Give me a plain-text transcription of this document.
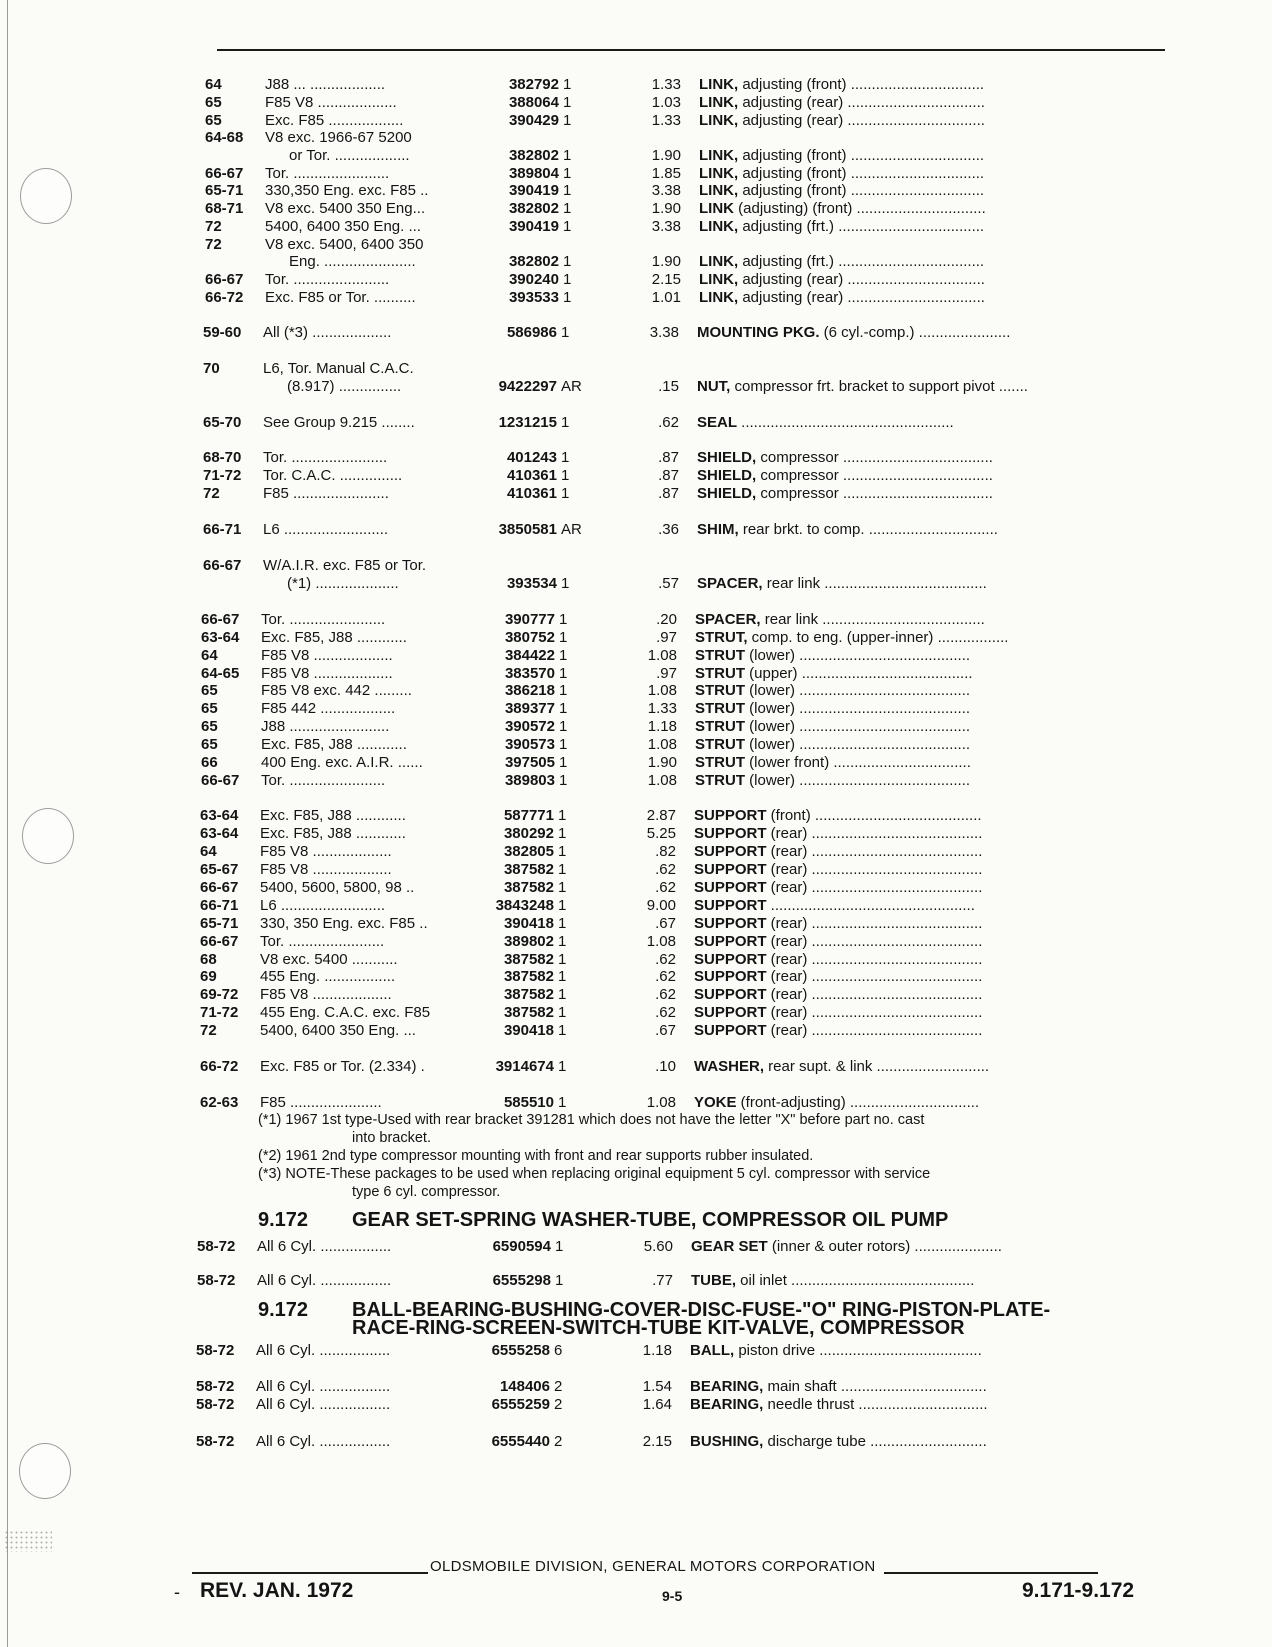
64	J88 ... ..................	382792 1	1.33 LINK, adjusting (front) ................................
65	F85 V8 ...................	388064 1	1.03 LINK, adjusting (rear) .................................
65	Exc. F85 ..................	390429 1	1.33 LINK, adjusting (rear) .................................
64-68	V8 exc. 1966-67 5200
or Tor. ..................	382802 1	1.90 LINK, adjusting (front) ................................
66-67	Tor. .......................	389804 1	1.85 LINK, adjusting (front) ................................
65-71	330,350 Eng. exc. F85 ..	390419 1	3.38 LINK, adjusting (front) ................................
68-71	V8 exc. 5400 350 Eng...	382802 1	1.90 LINK (adjusting) (front) ...............................
72	5400, 6400 350 Eng. ...	390419 1	3.38 LINK, adjusting (frt.) ...................................
72	V8 exc. 5400, 6400 350
Eng. ......................	382802 1	1.90 LINK, adjusting (frt.) ...................................
66-67	Tor. .......................	390240 1	2.15 LINK, adjusting (rear) .................................
66-72	Exc. F85 or Tor. ..........	393533 1	1.01 LINK, adjusting (rear) .................................
59-60	All (*3) ...................	586986 1	3.38 MOUNTING PKG. (6 cyl.-comp.) ......................
70	L6, Tor. Manual C.A.C.
(8.917) ...............	9422297 AR	.15 NUT, compressor frt. bracket to support pivot .......
65-70	See Group 9.215 ........	1231215 1	.62 SEAL ...................................................
68-70	Tor. .......................	401243 1	.87 SHIELD, compressor ....................................
71-72	Tor. C.A.C. ...............	410361 1	.87 SHIELD, compressor ....................................
72	F85 .......................	410361 1	.87 SHIELD, compressor ....................................
66-71	L6 .........................	3850581 AR	.36 SHIM, rear brkt. to comp. ...............................
66-67	W/A.I.R. exc. F85 or Tor.
(*1) ....................	393534 1	.57 SPACER, rear link .......................................
66-67	Tor. .......................	390777 1	.20 SPACER, rear link .......................................
63-64	Exc. F85, J88 ............	380752 1	.97 STRUT, comp. to eng. (upper-inner) .................
64	F85 V8 ...................	384422 1	1.08 STRUT (lower) .........................................
64-65	F85 V8 ...................	383570 1	.97 STRUT (upper) .........................................
65	F85 V8 exc. 442 .........	386218 1	1.08 STRUT (lower) .........................................
65	F85 442 ..................	389377 1	1.33 STRUT (lower) .........................................
65	J88 ........................	390572 1	1.18 STRUT (lower) .........................................
65	Exc. F85, J88 ............	390573 1	1.08 STRUT (lower) .........................................
66	400 Eng. exc. A.I.R. ......	397505 1	1.90 STRUT (lower front) .................................
66-67	Tor. .......................	389803 1	1.08 STRUT (lower) .........................................
63-64	Exc. F85, J88 ............	587771 1	2.87 SUPPORT (front) ........................................
63-64	Exc. F85, J88 ............	380292 1	5.25 SUPPORT (rear) .........................................
64	F85 V8 ...................	382805 1	.82 SUPPORT (rear) .........................................
65-67	F85 V8 ...................	387582 1	.62 SUPPORT (rear) .........................................
66-67	5400, 5600, 5800, 98 ..	387582 1	.62 SUPPORT (rear) .........................................
66-71	L6 .........................	3843248 1	9.00 SUPPORT .................................................
65-71	330, 350 Eng. exc. F85 ..	390418 1	.67 SUPPORT (rear) .........................................
66-67	Tor. .......................	389802 1	1.08 SUPPORT (rear) .........................................
68	V8 exc. 5400 ...........	387582 1	.62 SUPPORT (rear) .........................................
69	455 Eng. .................	387582 1	.62 SUPPORT (rear) .........................................
69-72	F85 V8 ...................	387582 1	.62 SUPPORT (rear) .........................................
71-72	455 Eng. C.A.C. exc. F85	387582 1	.62 SUPPORT (rear) .........................................
72	5400, 6400 350 Eng. ...	390418 1	.67 SUPPORT (rear) .........................................
66-72	Exc. F85 or Tor. (2.334) .	3914674 1	.10 WASHER, rear supt. & link ...........................
62-63	F85 ......................	585510 1	1.08 YOKE (front-adjusting) ...............................
58-72	All 6 Cyl. .................	6590594 1	5.60 GEAR SET (inner & outer rotors) .....................
58-72	All 6 Cyl. .................	6555298 1	.77 TUBE, oil inlet ............................................
58-72	All 6 Cyl. .................	6555258 6	1.18 BALL, piston drive .......................................
58-72	All 6 Cyl. .................	148406 2	1.54 BEARING, main shaft ...................................
58-72	All 6 Cyl. .................	6555259 2	1.64 BEARING, needle thrust ...............................
58-72	All 6 Cyl. .................	6555440 2	2.15 BUSHING, discharge tube ............................
(*1) 1967 1st type-Used with rear bracket 391281 which does not have the letter "X" before part no. cast
into bracket.
(*2) 1961 2nd type compressor mounting with front and rear supports rubber insulated.
(*3) NOTE-These packages to be used when replacing original equipment 5 cyl. compressor with service
type 6 cyl. compressor.
9.172 GEAR SET-SPRING WASHER-TUBE, COMPRESSOR OIL PUMP
9.172 BALL-BEARING-BUSHING-COVER-DISC-FUSE-"O" RING-PISTON-PLATE-
RACE-RING-SCREEN-SWITCH-TUBE KIT-VALVE, COMPRESSOR
OLDSMOBILE DIVISION, GENERAL MOTORS CORPORATION
- REV. JAN. 1972	9-5	9.171-9.172
